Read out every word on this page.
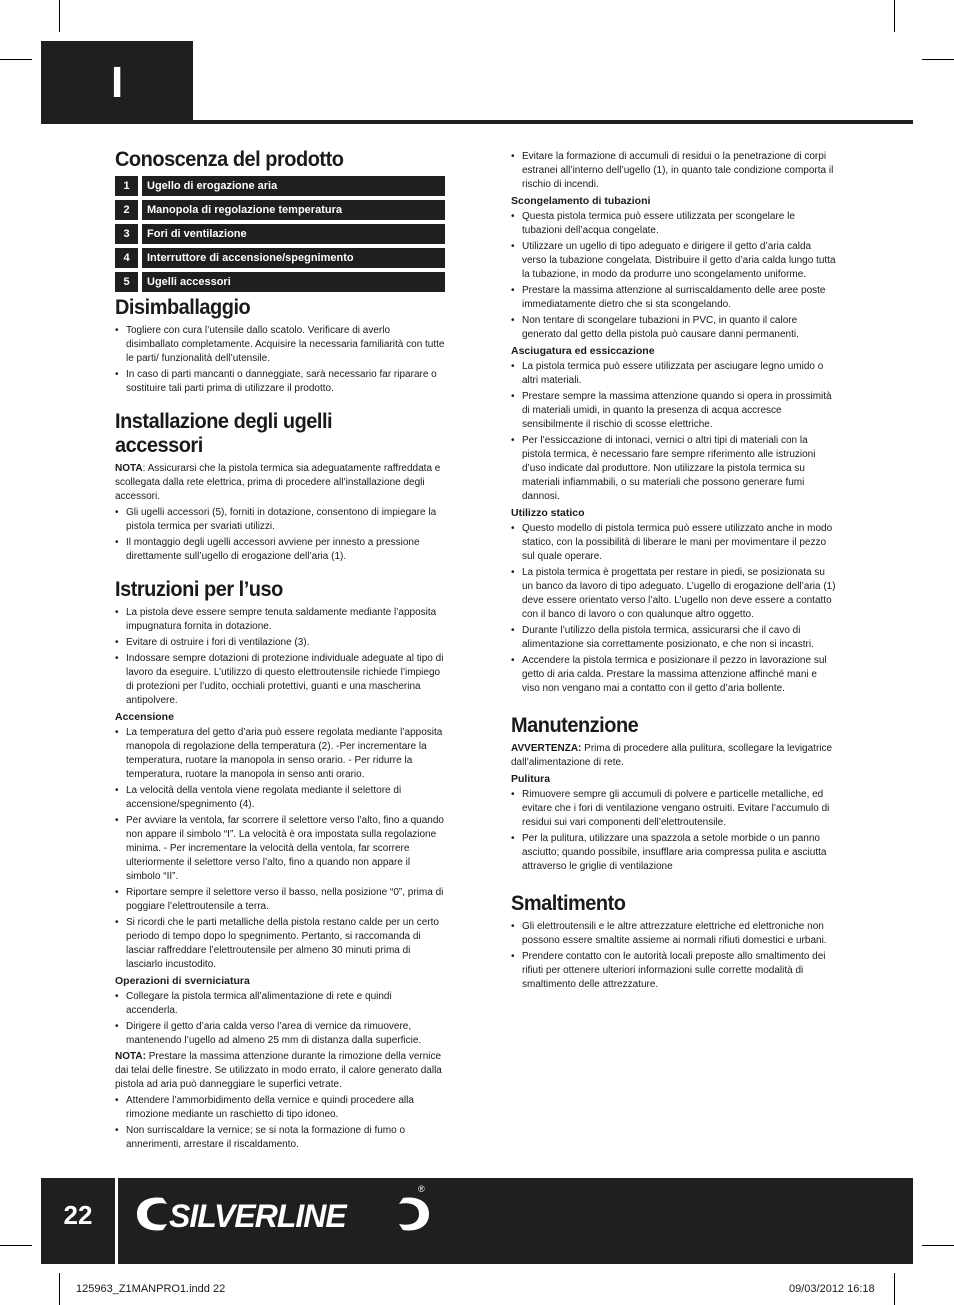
I
Conoscenza del prodotto
1	Ugello di erogazione aria
2	Manopola di regolazione temperatura
3	Fori di ventilazione
4	Interruttore di accensione/spegnimento
5	Ugelli accessori
Disimballaggio
• Togliere con cura l’utensile dallo scatolo. Verificare di averlo disimballato completamente. Acquisire la necessaria familiarità con tutte le parti/ funzionalità dell’utensile.
• In caso di parti mancanti o danneggiate, sarà necessario far riparare o sostituire tali parti prima di utilizzare il prodotto.
Installazione degli ugelli accessori

NOTA: Assicurarsi che la pistola termica sia adeguatamente raffreddata e scollegata dalla rete elettrica, prima di procedere all’installazione degli accessori.

• Gli ugelli accessori (5), forniti in dotazione, consentono di impiegare la pistola termica per svariati utilizzi.
• Il montaggio degli ugelli accessori avviene per innesto a pressione direttamente sull’ugello di erogazione dell’aria (1).
Istruzioni per l’uso
• La pistola deve essere sempre tenuta saldamente mediante l’apposita impugnatura fornita in dotazione.
• Evitare di ostruire i fori di ventilazione (3).
• Indossare sempre dotazioni di protezione individuale adeguate al tipo di lavoro da eseguire. L’utilizzo di questo elettroutensile richiede l’impiego di protezioni per l’udito, occhiali protettivi, guanti e una mascherina antipolvere.
Accensione
• La temperatura del getto d’aria può essere regolata mediante l’apposita manopola di regolazione della temperatura (2). -Per incrementare la temperatura, ruotare la manopola in senso orario. - Per ridurre la temperatura, ruotare la manopola in senso anti orario.
• La velocità della ventola viene regolata mediante il selettore di accensione/spegnimento (4).
• Per avviare la ventola, far scorrere il selettore verso l’alto, fino a quando non appare il simbolo “I”. La velocità è ora impostata sulla regolazione minima. - Per incrementare la velocità della ventola, far scorrere ulteriormente il selettore verso l’alto, fino a quando non appare il simbolo “II”.
• Riportare sempre il selettore verso il basso, nella posizione “0”, prima di poggiare l’elettroutensile a terra.
• Si ricordi che le parti metalliche della pistola restano calde per un certo periodo di tempo dopo lo spegnimento. Pertanto, si raccomanda di lasciar raffreddare l’elettroutensile per almeno 30 minuti prima di lasciarlo incustodito.
Operazioni di sverniciatura
• Collegare la pistola termica all’alimentazione di rete e quindi accenderla.
• Dirigere il getto d’aria calda verso l’area di vernice da rimuovere, mantenendo l’ugello ad almeno 25 mm di distanza dalla superficie.

NOTA: Prestare la massima attenzione durante la rimozione della vernice dai telai delle finestre. Se utilizzato in modo errato, il calore generato dalla pistola ad aria può danneggiare le superfici vetrate.

• Attendere l’ammorbidimento della vernice e quindi procedere alla rimozione mediante un raschietto di tipo idoneo.
• Non surriscaldare la vernice; se si nota la formazione di fumo o annerimenti, arrestare il riscaldamento.
• Evitare la formazione di accumuli di residui o la penetrazione di corpi estranei all’interno dell’ugello (1), in quanto tale condizione comporta il rischio di incendi.
Scongelamento di tubazioni
• Questa pistola termica può essere utilizzata per scongelare le tubazioni dell’acqua congelate.
• Utilizzare un ugello di tipo adeguato e dirigere il getto d’aria calda verso la tubazione congelata. Distribuire il getto d’aria calda lungo tutta la tubazione, in modo da produrre uno scongelamento uniforme.
• Prestare la massima attenzione al surriscaldamento delle aree poste immediatamente dietro che si sta scongelando.
• Non tentare di scongelare tubazioni in PVC, in quanto il calore generato dal getto della pistola può causare danni permanenti.
Asciugatura ed essiccazione
• La pistola termica può essere utilizzata per asciugare legno umido o altri materiali.
• Prestare sempre la massima attenzione quando si opera in prossimità di materiali umidi, in quanto la presenza di acqua accresce sensibilmente il rischio di scosse elettriche.
• Per l’essiccazione di intonaci, vernici o altri tipi di materiali con la pistola termica, è necessario fare sempre riferimento alle istruzioni d’uso indicate dal produttore. Non utilizzare la pistola termica su materiali infiammabili, o su materiali che possono generare fumi dannosi.
Utilizzo statico
• Questo modello di pistola termica può essere utilizzato anche in modo statico, con la possibilità di liberare le mani per movimentare il pezzo sul quale operare.
• La pistola termica è progettata per restare in piedi, se posizionata su un banco da lavoro di tipo adeguato. L’ugello di erogazione dell’aria (1) deve essere orientato verso l’alto. L’ugello non deve essere a contatto con il banco di lavoro o con qualunque altro oggetto.
• Durante l’utilizzo della pistola termica, assicurarsi che il cavo di alimentazione sia correttamente posizionato, e che non si incastri.
• Accendere la pistola termica e posizionare il pezzo in lavorazione sul getto di aria calda. Prestare la massima attenzione affinché mani e viso non vengano mai a contatto con il getto d’aria bollente.
Manutenzione

AVVERTENZA: Prima di procedere alla pulitura, scollegare la levigatrice dall’alimentazione di rete.

Pulitura
• Rimuovere sempre gli accumuli di polvere e particelle metalliche, ed evitare che i fori di ventilazione vengano ostruiti. Evitare l’accumulo di residui sui vari componenti dell’elettroutensile.
• Per la pulitura, utilizzare una spazzola a setole morbide o un panno asciutto; quando possibile, insufflare aria compressa pulita e asciutta attraverso le griglie di ventilazione
Smaltimento
• Gli elettroutensili e le altre attrezzature elettriche ed elettroniche non possono essere smaltite assieme ai normali rifiuti domestici e urbani.
• Prendere contatto con le autorità locali preposte allo smaltimento dei rifiuti per ottenere ulteriori informazioni sulle corrette modalità di smaltimento delle attrezzature.
22	SILVERLINE
®
125963_Z1MANPRO1.indd 22	09/03/2012 16:18
